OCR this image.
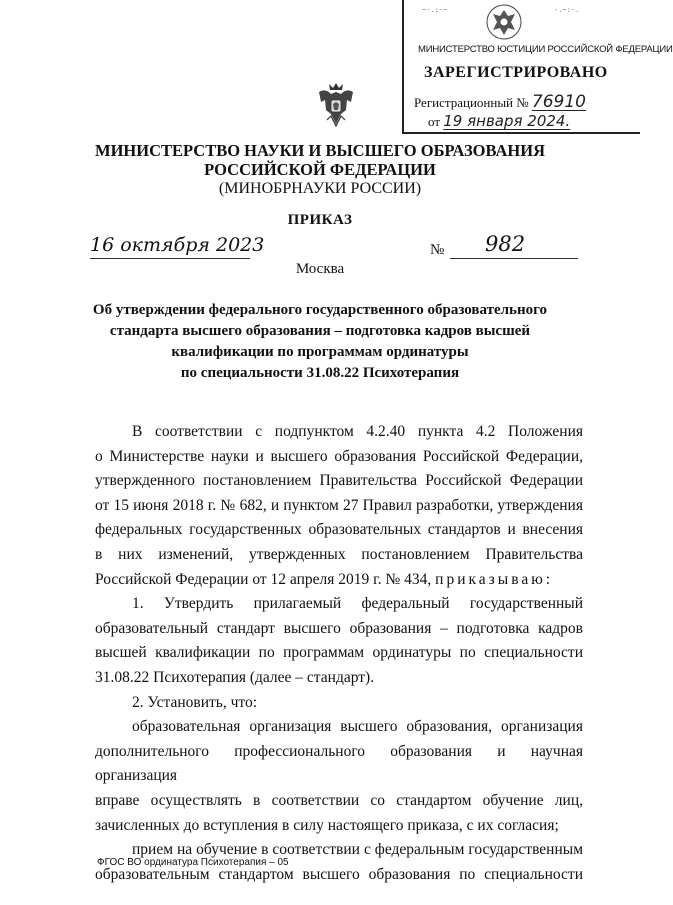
~·.:·~	·.~:·.
МИНИСТЕРСТВО ЮСТИЦИИ РОССИЙСКОЙ ФЕДЕРАЦИИ
ЗАРЕГИСТРИРОВАНО
Регистрационный № 76910
от 19 января 2024.
МИНИСТЕРСТВО НАУКИ И ВЫСШЕГО ОБРАЗОВАНИЯ
РОССИЙСКОЙ ФЕДЕРАЦИИ
(МИНОБРНАУКИ РОССИИ)
ПРИКАЗ
16 октября 2023	№ 982
Москва
Об утверждении федерального государственного образовательного
стандарта высшего образования – подготовка кадров высшей
квалификации по программам ординатуры
по специальности 31.08.22 Психотерапия

В соответствии с подпунктом 4.2.40 пункта 4.2 Положения

о Министерстве науки и высшего образования Российской Федерации,

утвержденного постановлением Правительства Российской Федерации

от 15 июня 2018 г. № 682, и пунктом 27 Правил разработки, утверждения

федеральных государственных образовательных стандартов и внесения

в них изменений, утвержденных постановлением Правительства

Российской Федерации от 12 апреля 2019 г. № 434, приказываю:

1. Утвердить прилагаемый федеральный государственный

образовательный стандарт высшего образования – подготовка кадров

высшей квалификации по программам ординатуры по специальности

31.08.22 Психотерапия (далее – стандарт).

2. Установить, что:

образовательная организация высшего образования, организация

дополнительного профессионального образования и научная организация

вправе осуществлять в соответствии со стандартом обучение лиц,

зачисленных до вступления в силу настоящего приказа, с их согласия;

прием на обучение в соответствии с федеральным государственным

образовательным стандартом высшего образования по специальности

ФГОС ВО ординатура Психотерапия – 05
